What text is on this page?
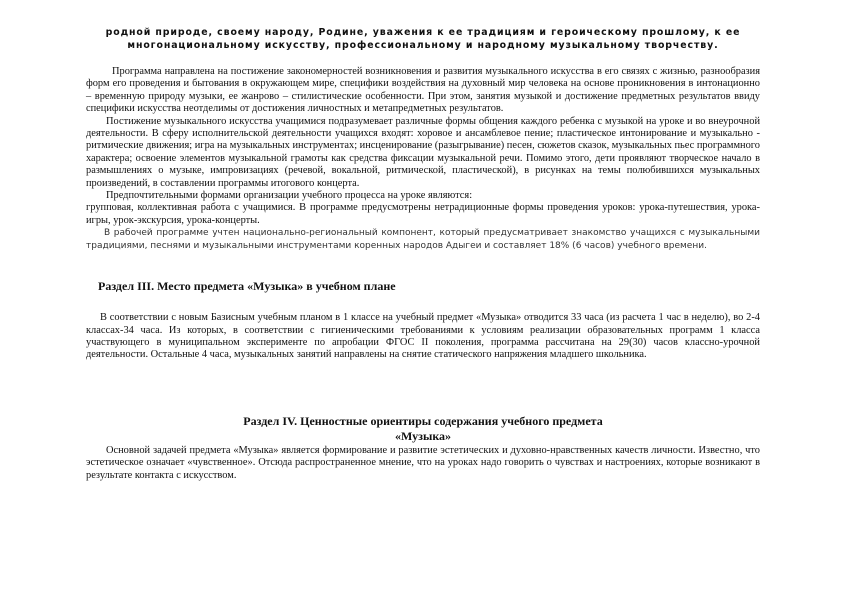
родной природе, своему народу, Родине, уважения к ее традициям и героическому прошлому, к ее многонациональному искусству, профессиональному и народному музыкальному творчеству.

Программа направлена на постижение закономерностей возникновения и развития музыкального искусства в его связях с жизнью, разнообразия форм его проведения и бытования в окружающем мире, специфики воздействия на духовный мир человека на основе проникновения в интонационно – временную природу музыки, ее жанрово – стилистические особенности. При этом, занятия музыкой и достижение предметных результатов ввиду специфики искусства неотделимы от достижения личностных и метапредметных результатов.

Постижение музыкального искусства учащимися подразумевает различные формы общения каждого ребенка с музыкой на уроке и во внеурочной деятельности. В сферу исполнительской деятельности учащихся входят: хоровое и ансамблевое пение; пластическое интонирование и музыкально - ритмические движения; игра на музыкальных инструментах; инсценирование (разыгрывание) песен, сюжетов сказок, музыкальных пьес программного характера; освоение элементов музыкальной грамоты как средства фиксации музыкальной речи. Помимо этого, дети проявляют творческое начало в размышлениях о музыке, импровизациях (речевой, вокальной, ритмической, пластической), в рисунках на темы полюбившихся музыкальных произведений, в составлении программы итогового концерта.

Предпочтительными формами организации учебного процесса на уроке являются:

групповая, коллективная работа с учащимися. В программе предусмотрены нетрадиционные формы проведения уроков: урока-путешествия, урока-игры, урок-экскурсия, урока-концерты.

В рабочей программе учтен национально-региональный компонент, который предусматривает знакомство учащихся с музыкальными традициями, песнями и музыкальными инструментами коренных народов Адыгеи и составляет 18% (6 часов) учебного времени.

Раздел III. Место предмета «Музыка» в учебном плане

В соответствии с новым Базисным учебным планом в 1 классе на учебный предмет «Музыка» отводится 33 часа (из расчета 1 час в неделю), во 2-4 классах-34 часа. Из которых, в соответствии с гигиеническими требованиями к условиям реализации образовательных программ 1 класса участвующего в муниципальном эксперименте по апробации ФГОС II поколения, программа рассчитана на 29(30) часов классно-урочной деятельности. Остальные 4 часа, музыкальных занятий направлены на снятие статического напряжения младшего школьника.

Раздел IV. Ценностные ориентиры содержания учебного предмета

«Музыка»

Основной задачей предмета «Музыка» является формирование и развитие эстетических и духовно-нравственных качеств личности. Известно, что эстетическое означает «чувственное». Отсюда распространенное мнение, что на уроках надо говорить о чувствах и настроениях, которые возникают в результате контакта с искусством.
